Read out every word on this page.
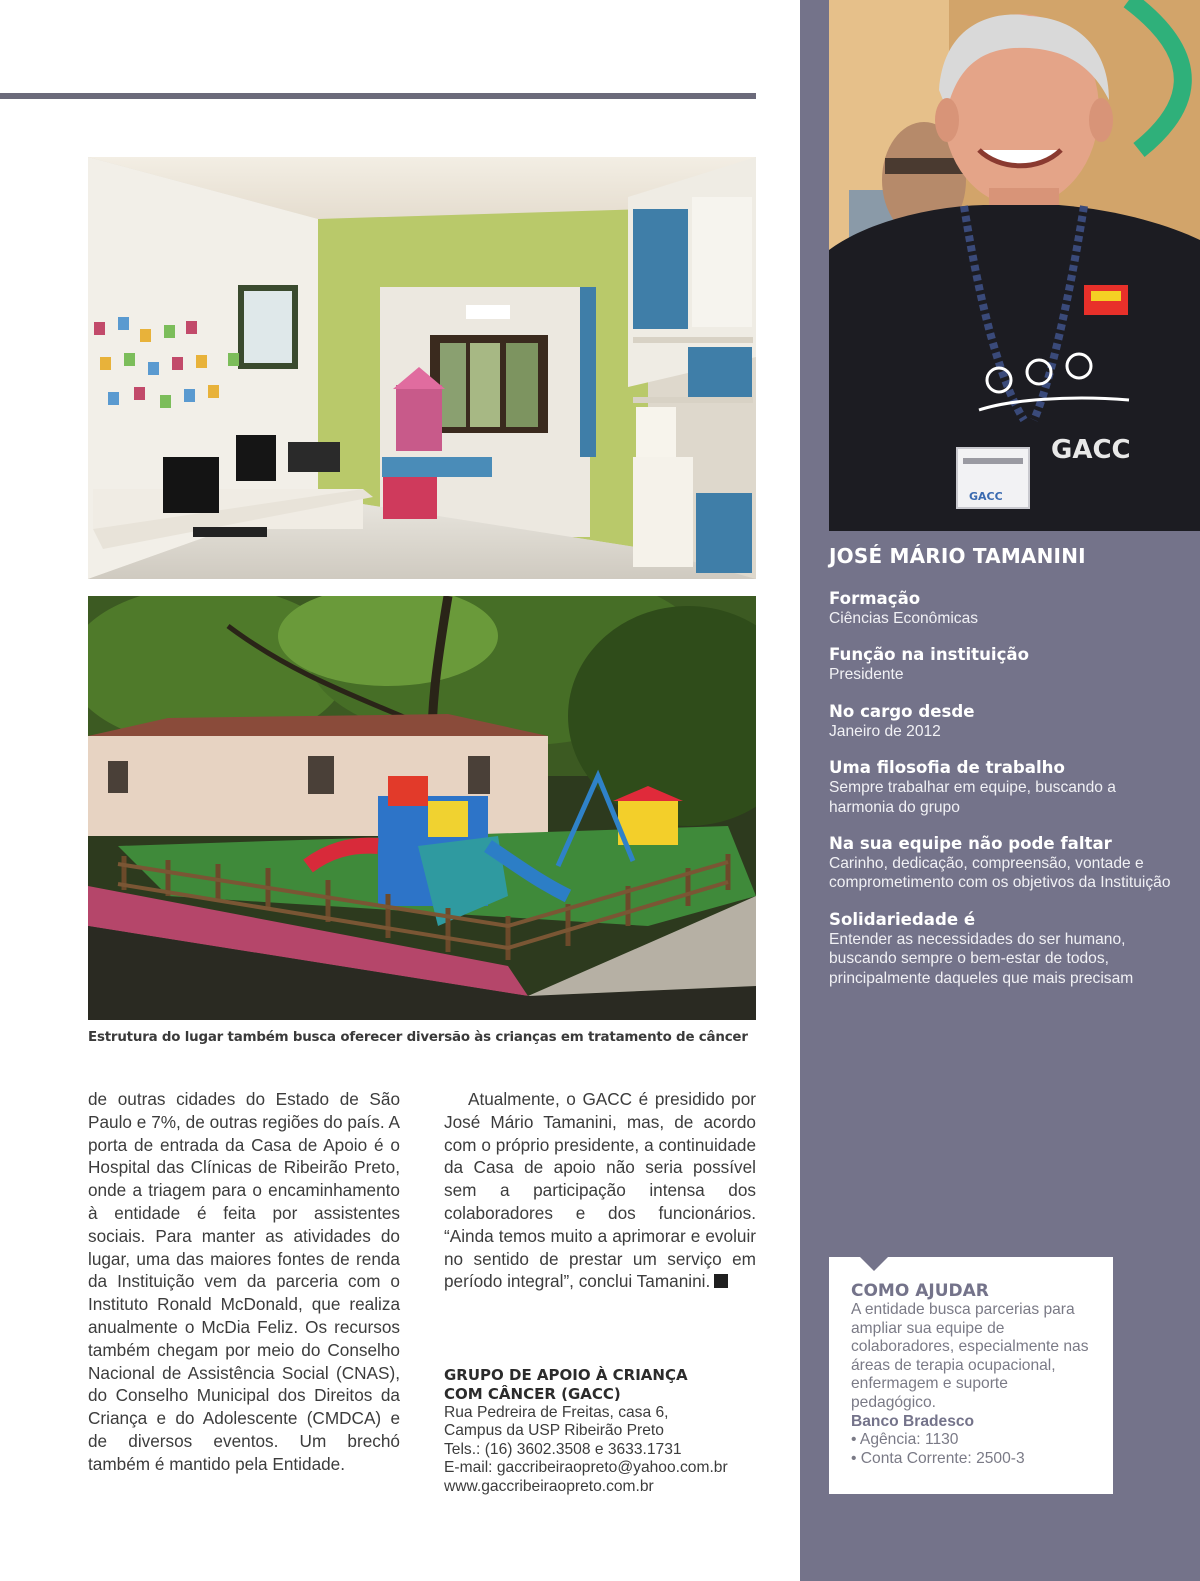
Estrutura do lugar também busca oferecer diversão às crianças em tratamento de câncer

de outras cidades do Estado de São Paulo e 7%, de outras regiões do país. A porta de entrada da Casa de Apoio é o Hospital das Clínicas de Ribeirão Preto, onde a triagem para o encaminhamento à entidade é feita por assistentes sociais. Para manter as atividades do lugar, uma das maiores fontes de renda da Instituição vem da parceria com o Instituto Ronald McDonald, que realiza anualmente o McDia Feliz. Os recursos também chegam por meio do Conselho Nacional de Assistência Social (CNAS), do Conselho Municipal dos Direitos da Criança e do Adolescente (CMDCA) e de diversos eventos. Um brechó também é mantido pela Entidade.

Atualmente, o GACC é presidido por José Mário Tamanini, mas, de acordo com o próprio presidente, a continuidade da Casa de apoio não seria possível sem a participação intensa dos colaboradores e dos funcionários. “Ainda temos muito a aprimorar e evoluir no sentido de prestar um serviço em período integral”, conclui Tamanini.

GRUPO DE APOIO À CRIANÇA
COM CÂNCER (GACC)

Rua Pedreira de Freitas, casa 6,

Campus da USP Ribeirão Preto

Tels.: (16) 3602.3508 e 3633.1731

E-mail: gaccribeiraopreto@yahoo.com.br

www.gaccribeiraopreto.com.br

GACC
GACC
JOSÉ MÁRIO TAMANINI
Formação
Ciências Econômicas
Função na instituição
Presidente
No cargo desde
Janeiro de 2012
Uma filosofia de trabalho
Sempre trabalhar em equipe, buscando a harmonia do grupo
Na sua equipe não pode faltar
Carinho, dedicação, compreensão, vontade e comprometimento com os objetivos da Instituição
Solidariedade é
Entender as necessidades do ser humano, buscando sempre o bem-estar de todos, principalmente daqueles que mais precisam
COMO AJUDAR
A entidade busca parcerias para ampliar sua equipe de colaboradores, especialmente nas áreas de terapia ocupacional, enfermagem e suporte pedagógico.
Banco Bradesco
• Agência: 1130
• Conta Corrente: 2500-3
